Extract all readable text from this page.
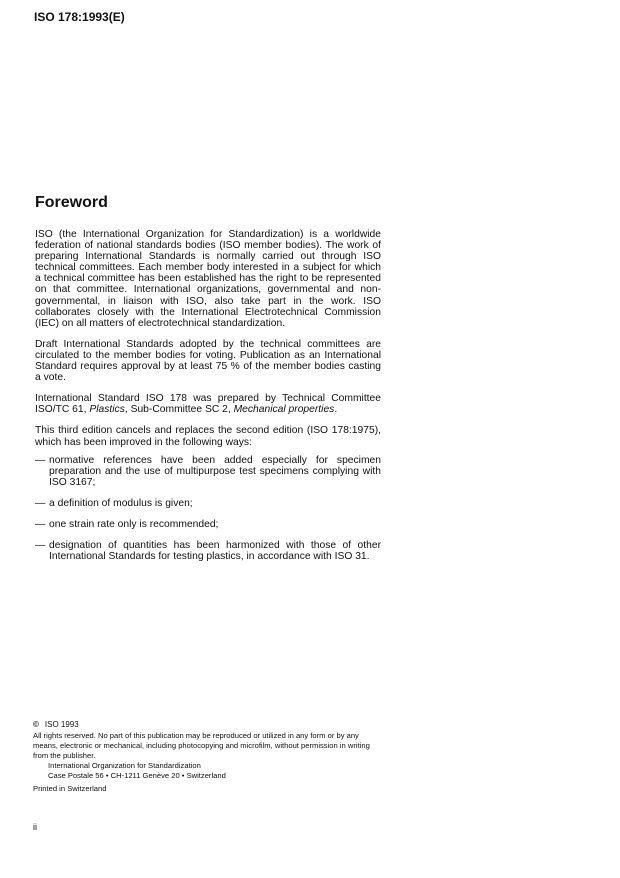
ISO 178:1993(E)
Foreword

ISO (the International Organization for Standardization) is a worldwide federation of national standards bodies (ISO member bodies). The work of preparing International Standards is normally carried out through ISO technical committees. Each member body interested in a subject for which a technical committee has been established has the right to be represented on that committee. International organizations, governmental and non-governmental, in liaison with ISO, also take part in the work. ISO collaborates closely with the International Electrotechnical Commission (IEC) on all matters of electrotechnical standardization.

Draft International Standards adopted by the technical committees are circulated to the member bodies for voting. Publication as an International Standard requires approval by at least 75 % of the member bodies casting a vote.

International Standard ISO 178 was prepared by Technical Committee ISO/TC 61, Plastics, Sub-Committee SC 2, Mechanical properties.

This third edition cancels and replaces the second edition (ISO 178:1975), which has been improved in the following ways:

— normative references have been added especially for specimen preparation and the use of multipurpose test specimens complying with ISO 3167;
— a definition of modulus is given;
— one strain rate only is recommended;
— designation of quantities has been harmonized with those of other International Standards for testing plastics, in accordance with ISO 31.
© ISO 1993
All rights reserved. No part of this publication may be reproduced or utilized in any form or by any means, electronic or mechanical, including photocopying and microfilm, without permission in writing from the publisher.
International Organization for Standardization
Case Postale 56 • CH-1211 Genève 20 • Switzerland
Printed in Switzerland
ii
